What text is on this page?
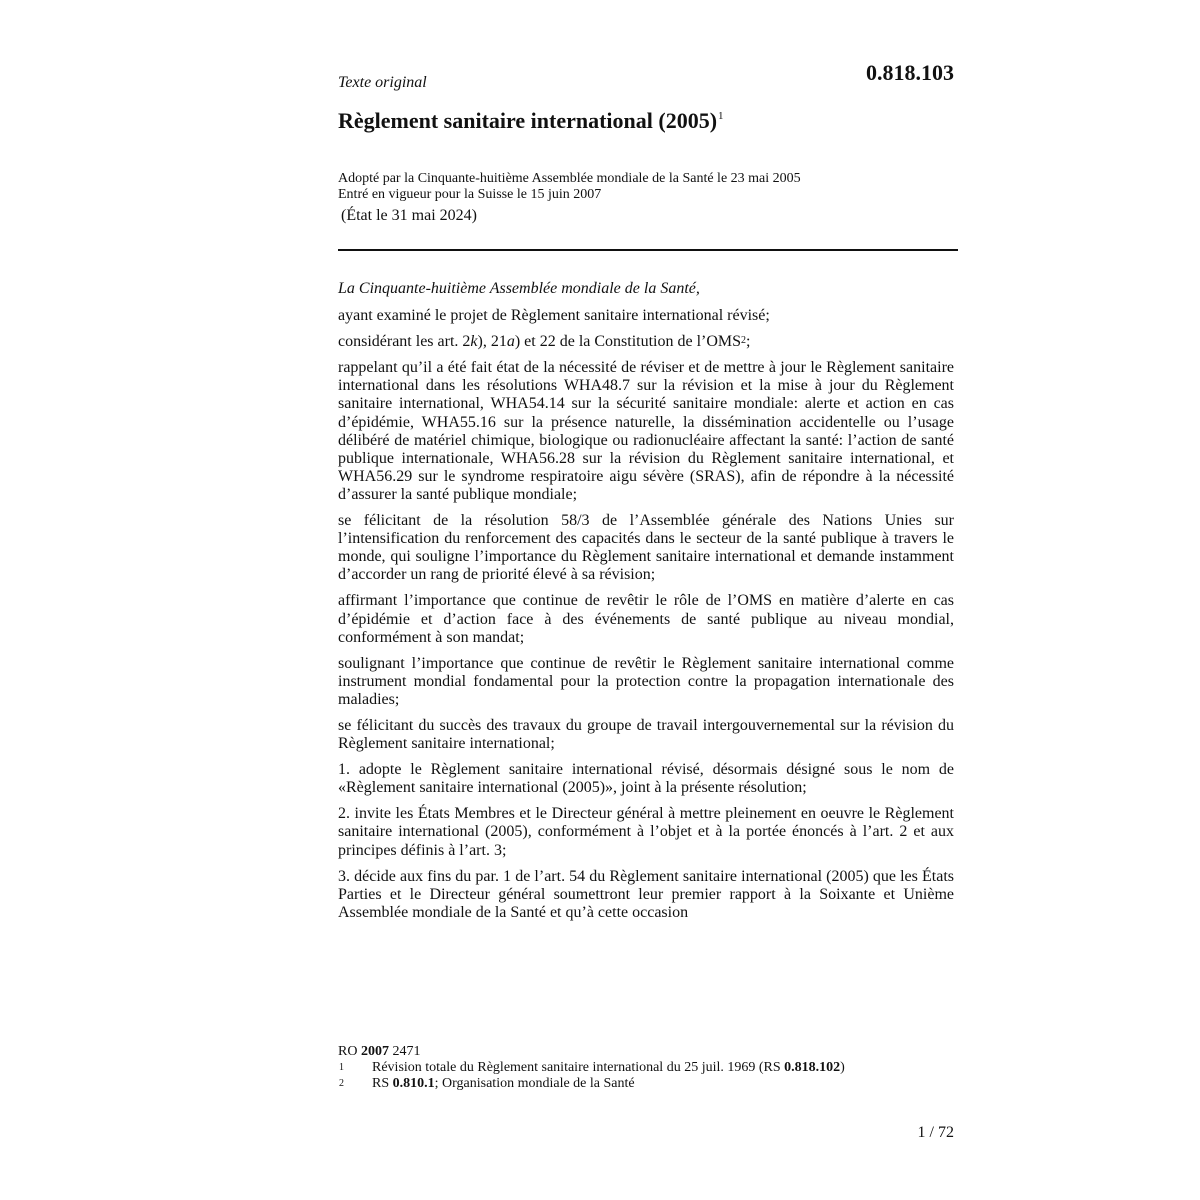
Texte original	0.818.103
Règlement sanitaire international $(2005)^1$
Adopté par la Cinquante-huitième Assemblée mondiale de la Santé le 23 mai 2005
Entré en vigueur pour la Suisse le 15 juin 2007
(État le 31 mai 2024)

La Cinquante-huitième Assemblée mondiale de la Santé,

ayant examiné le projet de Règlement sanitaire international révisé;

considérant les art. 2k), 21a) et 22 de la Constitution de l’OMS$^2$;

rappelant qu’il a été fait état de la nécessité de réviser et de mettre à jour le Règlement sanitaire international dans les résolutions WHA48.7 sur la révision et la mise à jour du Règlement sanitaire international, WHA54.14 sur la sécurité sanitaire mondiale: alerte et action en cas d’épidémie, WHA55.16 sur la présence naturelle, la dissémination accidentelle ou l’usage délibéré de matériel chimique, biologique ou radionucléaire affectant la santé: l’action de santé publique internationale, WHA56.28 sur la révision du Règlement sanitaire international, et WHA56.29 sur le syndrome respiratoire aigu sévère (SRAS), afin de répondre à la nécessité d’assurer la santé publique mondiale;

se félicitant de la résolution 58/3 de l’Assemblée générale des Nations Unies sur l’intensification du renforcement des capacités dans le secteur de la santé publique à travers le monde, qui souligne l’importance du Règlement sanitaire international et demande instamment d’accorder un rang de priorité élevé à sa révision;

affirmant l’importance que continue de revêtir le rôle de l’OMS en matière d’alerte en cas d’épidémie et d’action face à des événements de santé publique au niveau mondial, conformément à son mandat;

soulignant l’importance que continue de revêtir le Règlement sanitaire international comme instrument mondial fondamental pour la protection contre la propagation internationale des maladies;

se félicitant du succès des travaux du groupe de travail intergouvernemental sur la révision du Règlement sanitaire international;

1. adopte le Règlement sanitaire international révisé, désormais désigné sous le nom de «Règlement sanitaire international (2005)», joint à la présente résolution;

2. invite les États Membres et le Directeur général à mettre pleinement en oeuvre le Règlement sanitaire international (2005), conformément à l’objet et à la portée énoncés à l’art. 2 et aux principes définis à l’art. 3;

3. décide aux fins du par. 1 de l’art. 54 du Règlement sanitaire international (2005) que les États Parties et le Directeur général soumettront leur premier rapport à la Soixante et Unième Assemblée mondiale de la Santé et qu’à cette occasion

RO 2007 2471
1	Révision totale du Règlement sanitaire international du 25 juil. 1969 (RS 0.818.102)
2	RS 0.810.1; Organisation mondiale de la Santé
1 / 72
